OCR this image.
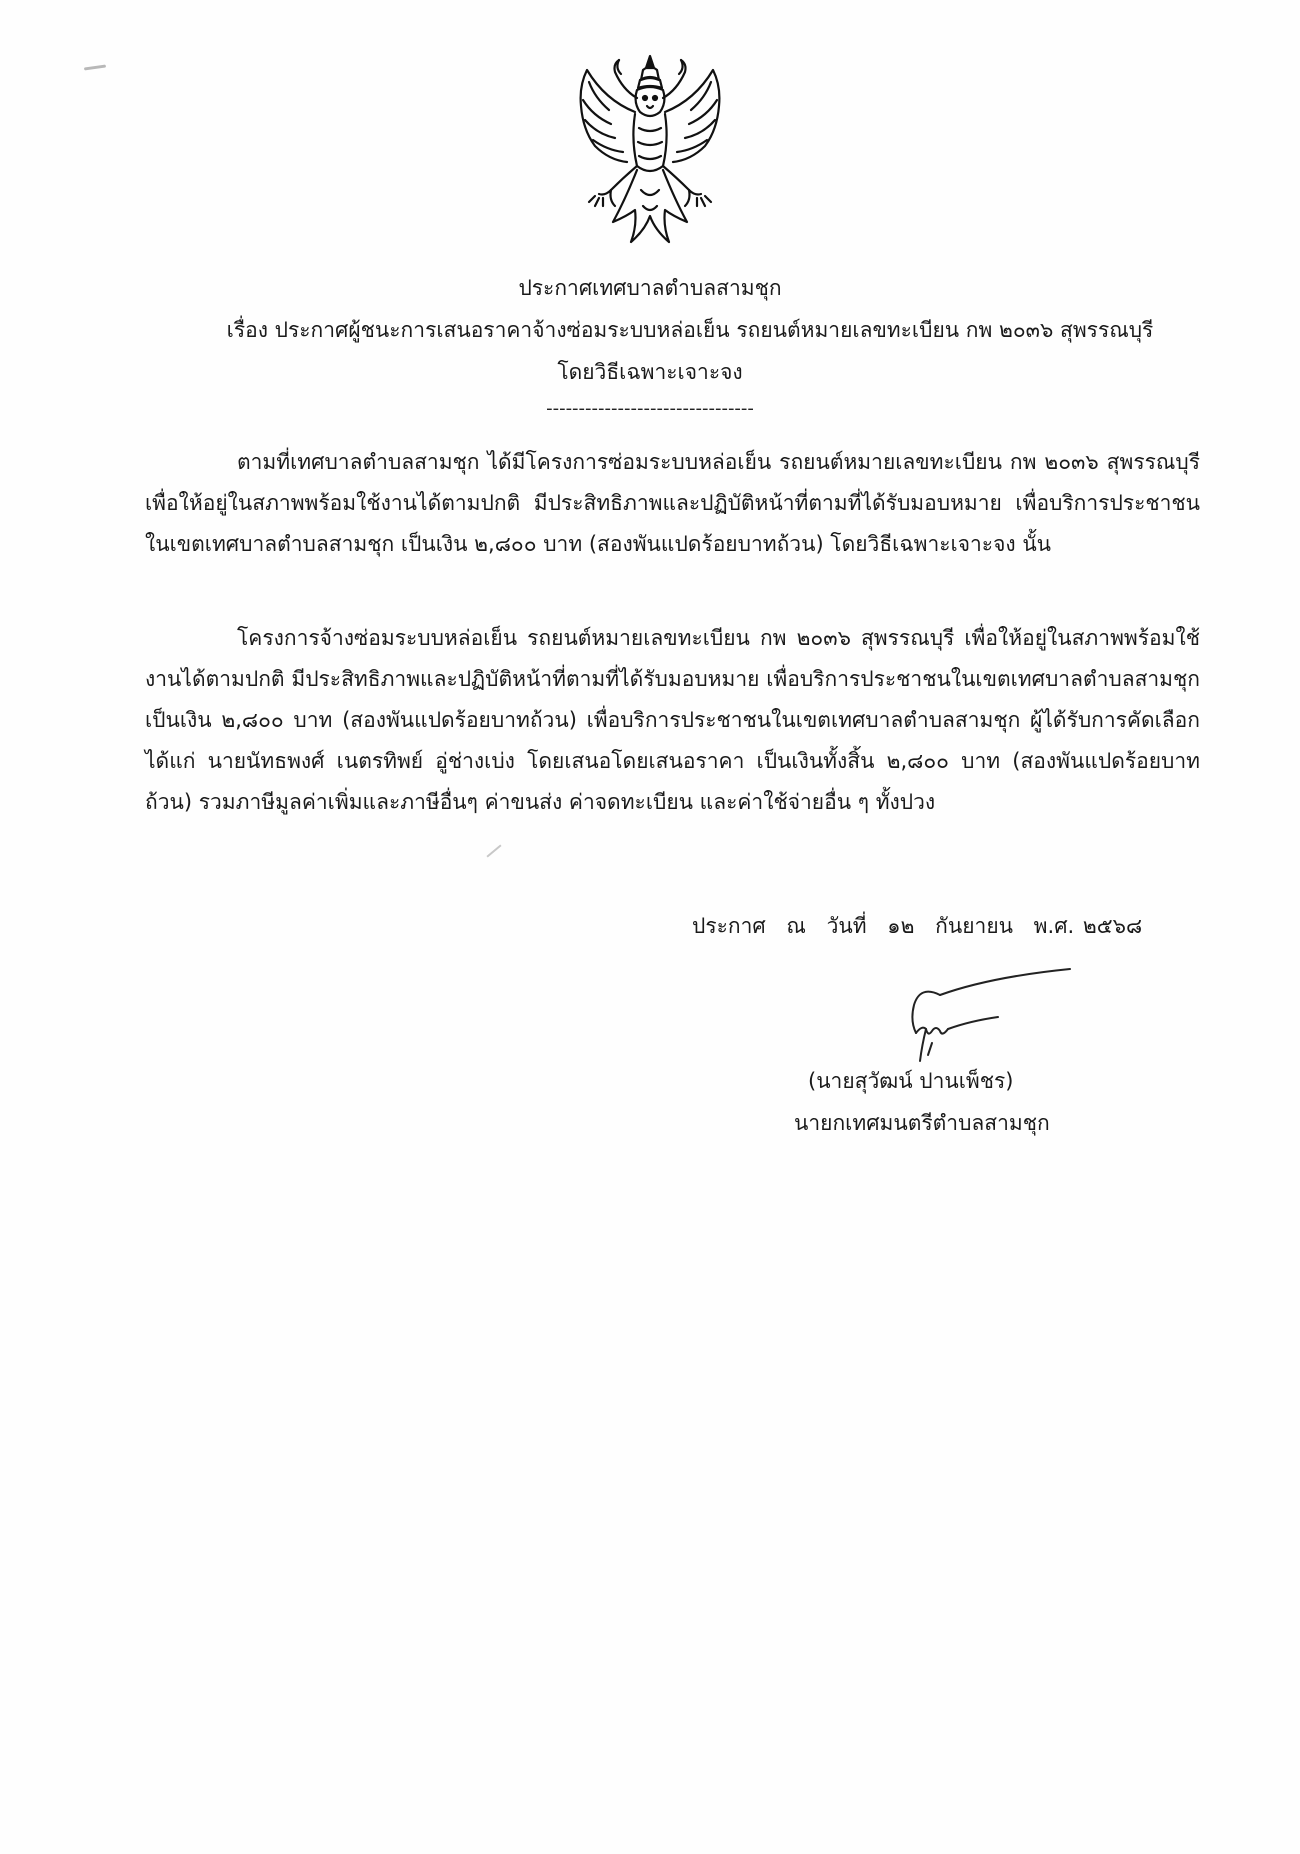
ประกาศเทศบาลตำบลสามชุก
เรื่อง ประกาศผู้ชนะการเสนอราคาจ้างซ่อมระบบหล่อเย็น รถยนต์หมายเลขทะเบียน กพ ๒๐๓๖ สุพรรณบุรี
โดยวิธีเฉพาะเจาะจง
--------------------------------
ตามที่เทศบาลตำบลสามชุก ได้มีโครงการซ่อมระบบหล่อเย็น รถยนต์หมายเลขทะเบียน กพ ๒๐๓๖ สุพรรณบุรี เพื่อให้อยู่ในสภาพพร้อมใช้งานได้ตามปกติ มีประสิทธิภาพและปฏิบัติหน้าที่ตามที่ได้รับมอบหมาย เพื่อบริการประชาชนในเขตเทศบาลตำบลสามชุก เป็นเงิน ๒,๘๐๐ บาท (สองพันแปดร้อยบาทถ้วน) โดยวิธีเฉพาะเจาะจง นั้น
โครงการจ้างซ่อมระบบหล่อเย็น รถยนต์หมายเลขทะเบียน กพ ๒๐๓๖ สุพรรณบุรี เพื่อให้อยู่ในสภาพพร้อมใช้งานได้ตามปกติ มีประสิทธิภาพและปฏิบัติหน้าที่ตามที่ได้รับมอบหมาย เพื่อบริการประชาชนในเขตเทศบาลตำบลสามชุก เป็นเงิน ๒,๘๐๐ บาท (สองพันแปดร้อยบาทถ้วน) เพื่อบริการประชาชนในเขตเทศบาลตำบลสามชุก ผู้ได้รับการคัดเลือก ได้แก่ นายนัทธพงศ์ เนตรทิพย์ อู่ช่างเบ่ง โดยเสนอโดยเสนอราคา เป็นเงินทั้งสิ้น ๒,๘๐๐ บาท (สองพันแปดร้อยบาทถ้วน) รวมภาษีมูลค่าเพิ่มและภาษีอื่นๆ ค่าขนส่ง ค่าจดทะเบียน และค่าใช้จ่ายอื่น ๆ ทั้งปวง
ประกาศ ณ วันที่ ๑๒ กันยายน พ.ศ. ๒๕๖๘
(นายสุวัฒน์ ปานเพ็ชร)
นายกเทศมนตรีตำบลสามชุก
